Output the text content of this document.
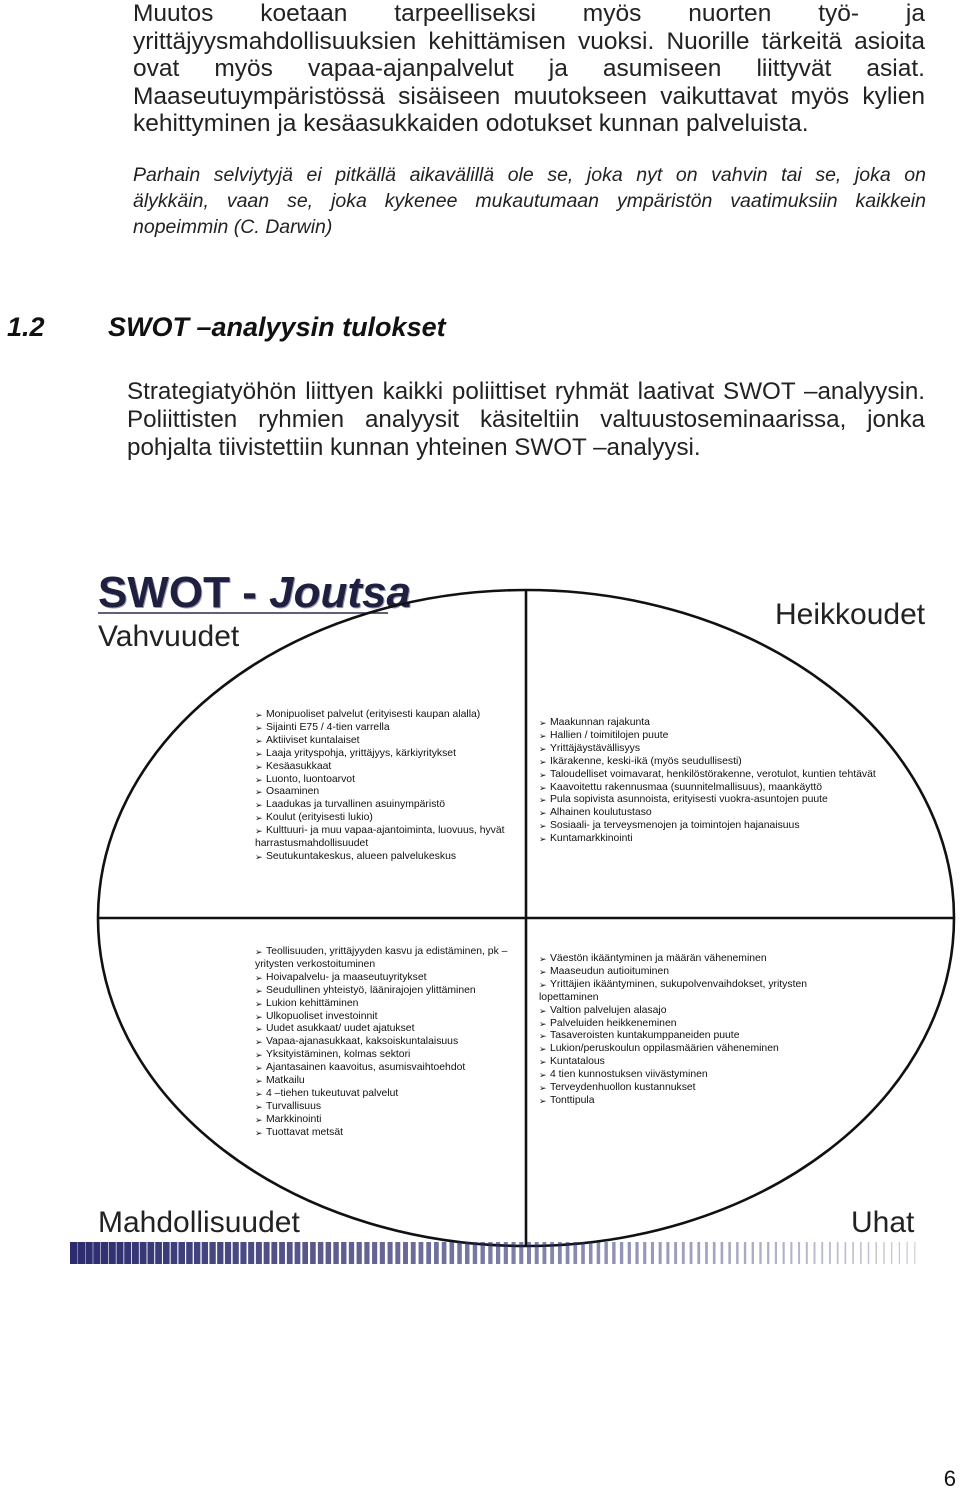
Muutos koetaan tarpeelliseksi myös nuorten työ- ja
yrittäjyysmahdollisuuksien kehittämisen vuoksi. Nuorille tärkeitä asioita
ovat myös vapaa-ajanpalvelut ja asumiseen liittyvät asiat.
Maaseutuympäristössä sisäiseen muutokseen vaikuttavat myös kylien
kehittyminen ja kesäasukkaiden odotukset kunnan palveluista.
Parhain selviytyjä ei pitkällä aikavälillä ole se, joka nyt on vahvin tai se, joka on
älykkäin, vaan se, joka kykenee mukautumaan ympäristön vaatimuksiin kaikkein
nopeimmin (C. Darwin)
1.2 SWOT –analyysin tulokset
Strategiatyöhön liittyen kaikki poliittiset ryhmät laativat SWOT –analyysin.
Poliittisten ryhmien analyysit käsiteltiin valtuustoseminaarissa, jonka
pohjalta tiivistettiin kunnan yhteinen SWOT –analyysi.
SWOT - Joutsa
Vahvuudet
Heikkoudet
➢ Monipuoliset palvelut (erityisesti kaupan alalla)
➢ Sijainti E75 / 4-tien varrella
➢ Aktiiviset kuntalaiset
➢ Laaja yrityspohja, yrittäjyys, kärkiyritykset
➢ Kesäasukkaat
➢ Luonto, luontoarvot
➢ Osaaminen
➢ Laadukas ja turvallinen asuinympäristö
➢ Koulut (erityisesti lukio)
➢ Kulttuuri- ja muu vapaa-ajantoiminta, luovuus, hyvät
harrastusmahdollisuudet
➢ Seutukuntakeskus, alueen palvelukeskus
➢ Maakunnan rajakunta
➢ Hallien / toimitilojen puute
➢ Yrittäjäystävällisyys
➢ Ikärakenne, keski-ikä (myös seudullisesti)
➢ Taloudelliset voimavarat, henkilöstörakenne, verotulot, kuntien tehtävät
➢ Kaavoitettu rakennusmaa (suunnitelmallisuus), maankäyttö
➢ Pula sopivista asunnoista, erityisesti vuokra-asuntojen puute
➢ Alhainen koulutustaso
➢ Sosiaali- ja terveysmenojen ja toimintojen hajanaisuus
➢ Kuntamarkkinointi
➢ Teollisuuden, yrittäjyyden kasvu ja edistäminen, pk –
yritysten verkostoituminen
➢ Hoivapalvelu- ja maaseutuyritykset
➢ Seudullinen yhteistyö, läänirajojen ylittäminen
➢ Lukion kehittäminen
➢ Ulkopuoliset investoinnit
➢ Uudet asukkaat/ uudet ajatukset
➢ Vapaa-ajanasukkaat, kaksoiskuntalaisuus
➢ Yksityistäminen, kolmas sektori
➢ Ajantasainen kaavoitus, asumisvaihtoehdot
➢ Matkailu
➢ 4 –tiehen tukeutuvat palvelut
➢ Turvallisuus
➢ Markkinointi
➢ Tuottavat metsät
➢ Väestön ikääntyminen ja määrän väheneminen
➢ Maaseudun autioituminen
➢ Yrittäjien ikääntyminen, sukupolvenvaihdokset, yritysten
lopettaminen
➢ Valtion palvelujen alasajo
➢ Palveluiden heikkeneminen
➢ Tasaveroisten kuntakumppaneiden puute
➢ Lukion/peruskoulun oppilasmäärien väheneminen
➢ Kuntatalous
➢ 4 tien kunnostuksen viivästyminen
➢ Terveydenhuollon kustannukset
➢ Tonttipula
Mahdollisuudet	Uhat
6
